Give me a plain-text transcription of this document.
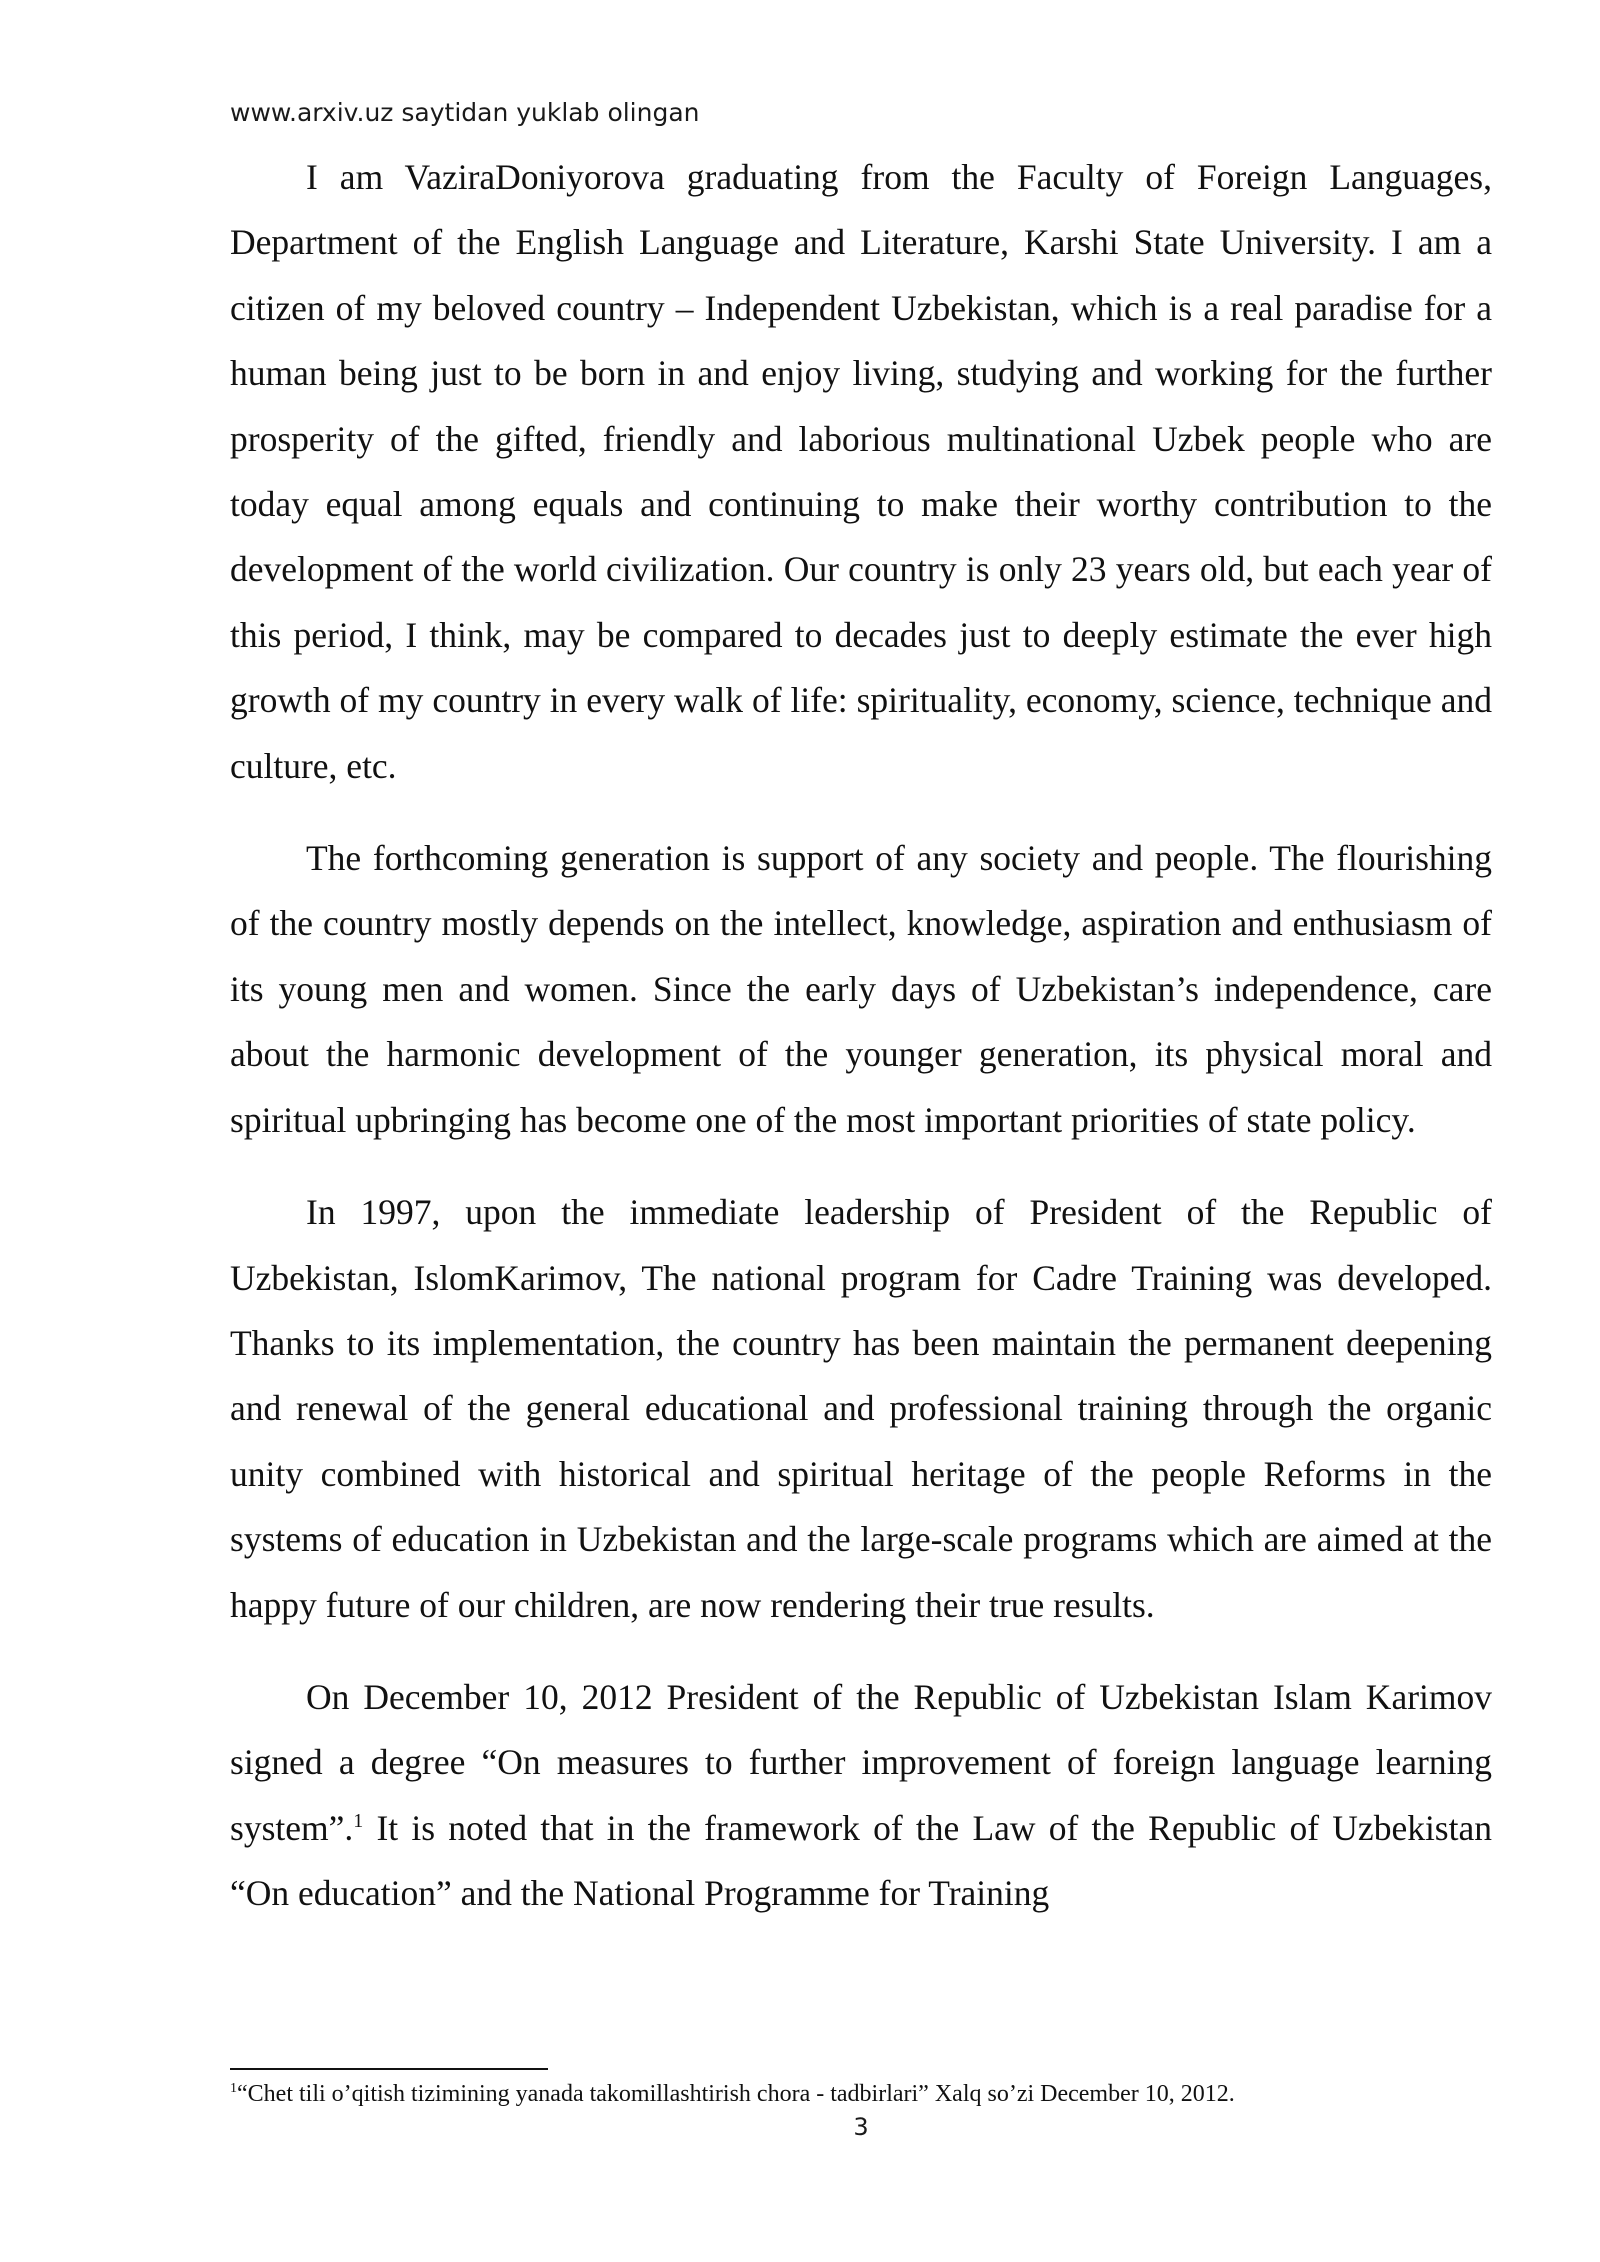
www.arxiv.uz saytidan yuklab olingan

I am VaziraDoniyorova graduating from the Faculty of Foreign Languages, Department of the English Language and Literature, Karshi State University. I am a citizen of my beloved country – Independent Uzbekistan, which is a real paradise for a human being just to be born in and enjoy living, studying and working for the further prosperity of the gifted, friendly and laborious multinational Uzbek people who are today equal among equals and continuing to make their worthy contribution to the development of the world civilization. Our country is only 23 years old, but each year of this period, I think, may be compared to decades just to deeply estimate the ever high growth of my country in every walk of life: spirituality, economy, science, technique and culture, etc.

The forthcoming generation is support of any society and people. The flourishing of the country mostly depends on the intellect, knowledge, aspiration and enthusiasm of its young men and women. Since the early days of Uzbekistan’s independence, care about the harmonic development of the younger generation, its physical moral and spiritual upbringing has become one of the most important priorities of state policy.

In 1997, upon the immediate leadership of President of the Republic of Uzbekistan, IslomKarimov, The national program for Cadre Training was developed. Thanks to its implementation, the country has been maintain the permanent deepening and renewal of the general educational and professional training through the organic unity combined with historical and spiritual heritage of the people Reforms in the systems of education in Uzbekistan and the large-scale programs which are aimed at the happy future of our children, are now rendering their true results.

On December 10, 2012 President of the Republic of Uzbekistan Islam Karimov signed a degree “On measures to further improvement of foreign language learning system”.$^1$ It is noted that in the framework of the Law of the Republic of Uzbekistan “On education” and the National Programme for Training

$^1$“Chet tili o’qitish tizimining yanada takomillashtirish chora - tadbirlari” Xalq so’zi December 10, 2012.
3
